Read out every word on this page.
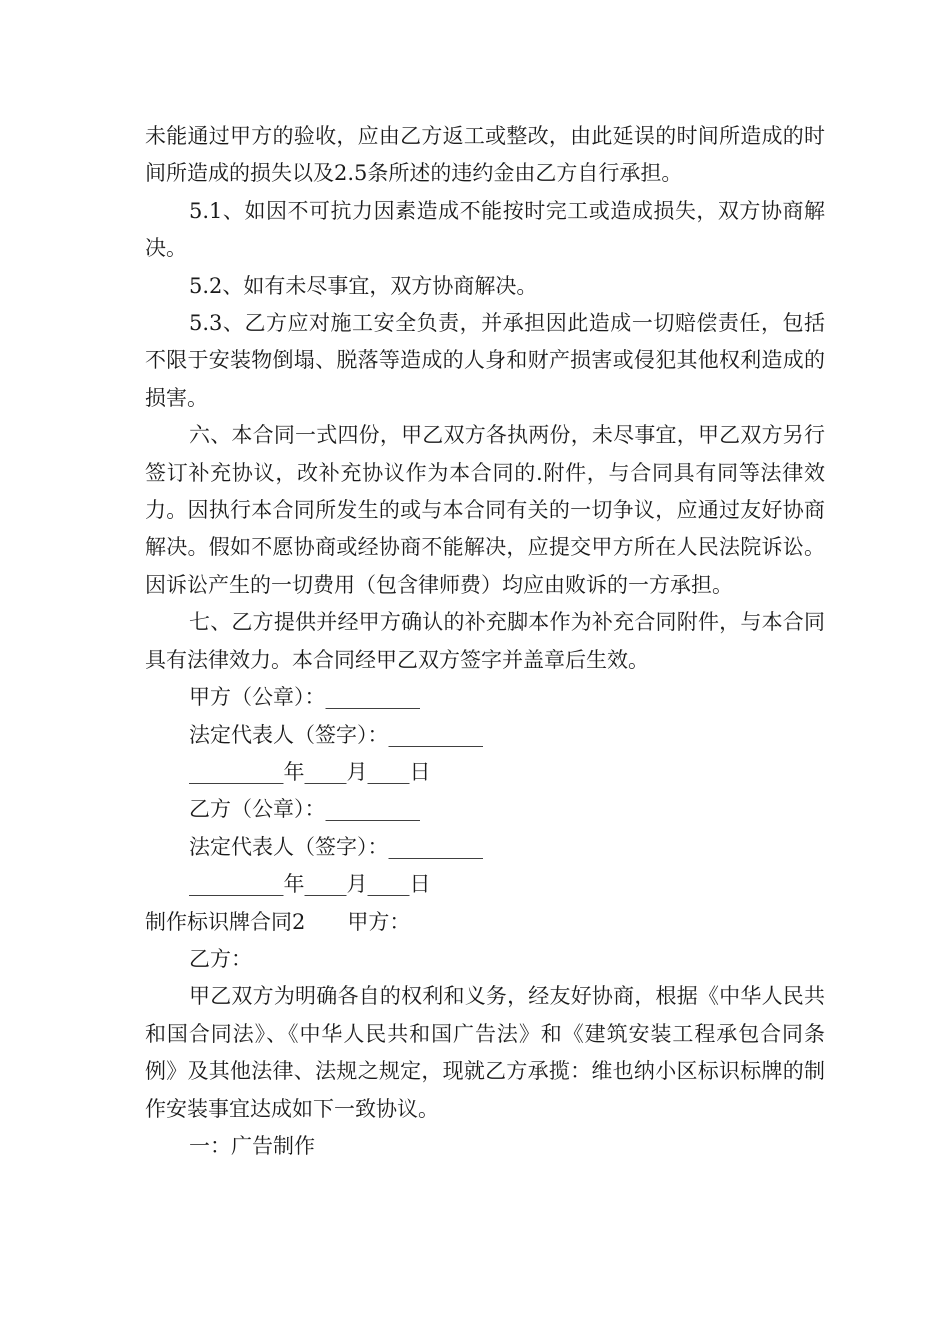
未能通过甲方的验收，应由乙方返工或整改，由此延误的时间所造成的时间所造成的损失以及2.5条所述的违约金由乙方自行承担。

5.1、如因不可抗力因素造成不能按时完工或造成损失，双方协商解决。

5.2、如有未尽事宜，双方协商解决。

5.3、乙方应对施工安全负责，并承担因此造成一切赔偿责任，包括不限于安装物倒塌、脱落等造成的人身和财产损害或侵犯其他权利造成的损害。

六、本合同一式四份，甲乙双方各执两份，未尽事宜，甲乙双方另行签订补充协议，改补充协议作为本合同的.附件，与合同具有同等法律效力。因执行本合同所发生的或与本合同有关的一切争议，应通过友好协商解决。假如不愿协商或经协商不能解决，应提交甲方所在人民法院诉讼。因诉讼产生的一切费用（包含律师费）均应由败诉的一方承担。

七、乙方提供并经甲方确认的补充脚本作为补充合同附件，与本合同具有法律效力。本合同经甲乙双方签字并盖章后生效。

甲方（公章）：_________

法定代表人（签字）：_________

_________年____月____日

乙方（公章）：_________

法定代表人（签字）：_________

_________年____月____日

制作标识牌合同2　　甲方：

乙方：

甲乙双方为明确各自的权利和义务，经友好协商，根据《中华人民共和国合同法》、《中华人民共和国广告法》和《建筑安装工程承包合同条例》及其他法律、法规之规定，现就乙方承揽：维也纳小区标识标牌的制作安装事宜达成如下一致协议。

一：广告制作
